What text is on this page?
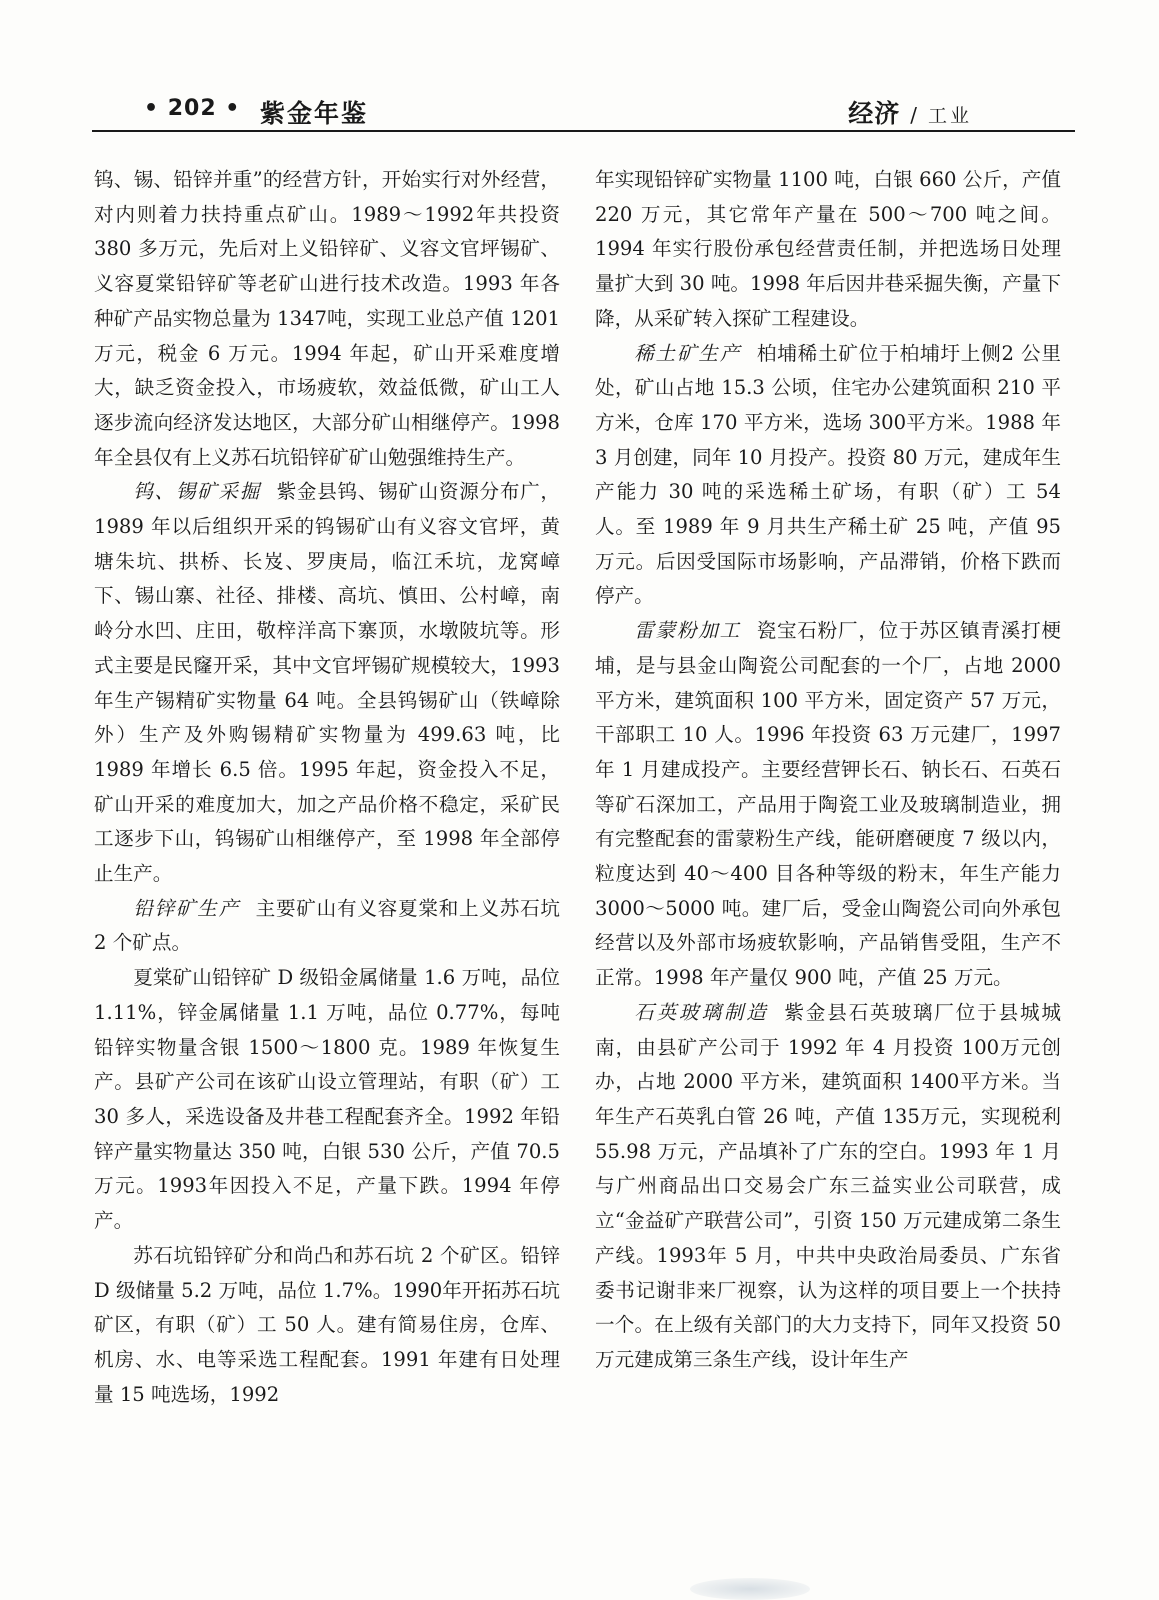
• 202 • 紫金年鉴	经济 / 工业

钨、锡、铅锌并重”的经营方针，开始实行对外经营，对内则着力扶持重点矿山。1989～1992年共投资 380 多万元，先后对上义铅锌矿、义容文官坪锡矿、义容夏棠铅锌矿等老矿山进行技术改造。1993 年各种矿产品实物总量为 1347吨，实现工业总产值 1201 万元，税金 6 万元。1994 年起，矿山开采难度增大，缺乏资金投入，市场疲软，效益低微，矿山工人逐步流向经济发达地区，大部分矿山相继停产。1998年全县仅有上义苏石坑铅锌矿矿山勉强维持生产。

钨、锡矿采掘 紫金县钨、锡矿山资源分布广， 1989 年以后组织开采的钨锡矿山有义容文官坪，黄塘朱坑、拱桥、长岌、罗庚局，临江禾坑，龙窝嶂下、锡山寨、社径、排楼、高坑、慎田、公村嶂，南岭分水凹、庄田，敬梓洋高下寨顶，水墩陂坑等。形式主要是民窿开采，其中文官坪锡矿规模较大，1993 年生产锡精矿实物量 64 吨。全县钨锡矿山（铁嶂除外）生产及外购锡精矿实物量为 499.63 吨，比 1989 年增长 6.5 倍。1995 年起，资金投入不足，矿山开采的难度加大，加之产品价格不稳定，采矿民工逐步下山，钨锡矿山相继停产，至 1998 年全部停止生产。

铅锌矿生产 主要矿山有义容夏棠和上义苏石坑 2 个矿点。

夏棠矿山铅锌矿 D 级铅金属储量 1.6 万吨，品位 1.11%，锌金属储量 1.1 万吨，品位 0.77%，每吨铅锌实物量含银 1500～1800 克。1989 年恢复生产。县矿产公司在该矿山设立管理站，有职（矿）工 30 多人，采选设备及井巷工程配套齐全。1992 年铅锌产量实物量达 350 吨，白银 530 公斤，产值 70.5 万元。1993年因投入不足，产量下跌。1994 年停产。

苏石坑铅锌矿分和尚凸和苏石坑 2 个矿区。铅锌 D 级储量 5.2 万吨，品位 1.7%。1990年开拓苏石坑矿区，有职（矿）工 50 人。建有简易住房，仓库、机房、水、电等采选工程配套。1991 年建有日处理量 15 吨选场，1992

年实现铅锌矿实物量 1100 吨，白银 660 公斤，产值 220 万元，其它常年产量在 500～700 吨之间。1994 年实行股份承包经营责任制，并把选场日处理量扩大到 30 吨。1998 年后因井巷采掘失衡，产量下降，从采矿转入探矿工程建设。

稀土矿生产 柏埔稀土矿位于柏埔圩上侧2 公里处，矿山占地 15.3 公顷，住宅办公建筑面积 210 平方米，仓库 170 平方米，选场 300平方米。1988 年 3 月创建，同年 10 月投产。投资 80 万元，建成年生产能力 30 吨的采选稀土矿场，有职（矿）工 54 人。至 1989 年 9 月共生产稀土矿 25 吨，产值 95 万元。后因受国际市场影响，产品滞销，价格下跌而停产。

雷蒙粉加工 瓷宝石粉厂，位于苏区镇青溪打梗埔，是与县金山陶瓷公司配套的一个厂，占地 2000 平方米，建筑面积 100 平方米，固定资产 57 万元，干部职工 10 人。1996 年投资 63 万元建厂，1997 年 1 月建成投产。主要经营钾长石、钠长石、石英石等矿石深加工，产品用于陶瓷工业及玻璃制造业，拥有完整配套的雷蒙粉生产线，能研磨硬度 7 级以内，粒度达到 40～400 目各种等级的粉末，年生产能力 3000～5000 吨。建厂后，受金山陶瓷公司向外承包经营以及外部市场疲软影响，产品销售受阻，生产不正常。1998 年产量仅 900 吨，产值 25 万元。

石英玻璃制造 紫金县石英玻璃厂位于县城城南，由县矿产公司于 1992 年 4 月投资 100万元创办，占地 2000 平方米，建筑面积 1400平方米。当年生产石英乳白管 26 吨，产值 135万元，实现税利 55.98 万元，产品填补了广东的空白。1993 年 1 月与广州商品出口交易会广东三益实业公司联营，成立“金益矿产联营公司”，引资 150 万元建成第二条生产线。1993年 5 月，中共中央政治局委员、广东省委书记谢非来厂视察，认为这样的项目要上一个扶持一个。在上级有关部门的大力支持下，同年又投资 50 万元建成第三条生产线，设计年生产
